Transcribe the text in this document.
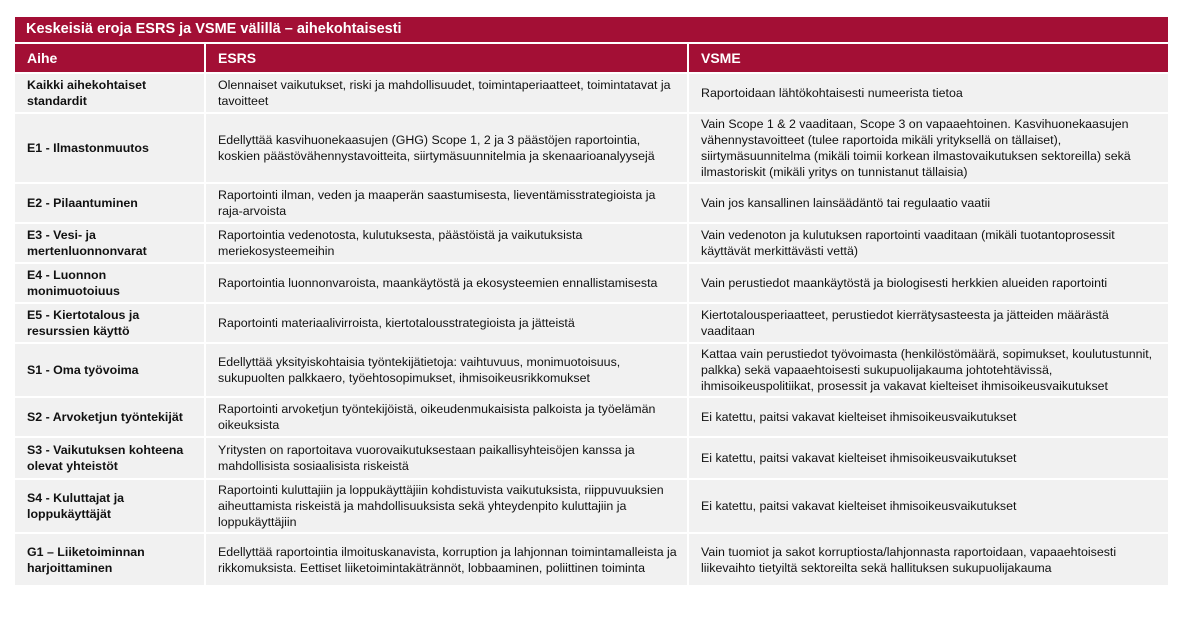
Keskeisiä eroja ESRS ja VSME välillä – aihekohtaisesti
Aihe	ESRS	VSME
Kaikki aihekohtaiset standardit	Olennaiset vaikutukset, riski ja mahdollisuudet, toimintaperiaatteet, toimintatavat ja tavoitteet	Raportoidaan lähtökohtaisesti numeerista tietoa
E1 - Ilmastonmuutos	Edellyttää kasvihuonekaasujen (GHG) Scope 1, 2 ja 3 päästöjen raportointia, koskien päästövähennystavoitteita, siirtymäsuunnitelmia ja skenaarioanalyysejä	Vain Scope 1 & 2 vaaditaan, Scope 3 on vapaaehtoinen. Kasvihuonekaasujen vähennystavoitteet (tulee raportoida mikäli yrityksellä on tällaiset), siirtymäsuunnitelma (mikäli toimii korkean ilmastovaikutuksen sektoreilla) sekä ilmastoriskit (mikäli yritys on tunnistanut tällaisia)
E2 - Pilaantuminen	Raportointi ilman, veden ja maaperän saastumisesta, lieventämisstrategioista ja raja-arvoista	Vain jos kansallinen lainsäädäntö tai regulaatio vaatii
E3 - Vesi- ja mertenluonnonvarat	Raportointia vedenotosta, kulutuksesta, päästöistä ja vaikutuksista meriekosysteemeihin	Vain vedenoton ja kulutuksen raportointi vaaditaan (mikäli tuotantoprosessit käyttävät merkittävästi vettä)
E4 - Luonnon monimuotoiuus	Raportointia luonnonvaroista, maankäytöstä ja ekosysteemien ennallistamisesta	Vain perustiedot maankäytöstä ja biologisesti herkkien alueiden raportointi
E5 - Kiertotalous ja resurssien käyttö	Raportointi materiaalivirroista, kiertotalousstrategioista ja jätteistä	Kiertotalousperiaatteet, perustiedot kierrätysasteesta ja jätteiden määrästä vaaditaan
S1 - Oma työvoima	Edellyttää yksityiskohtaisia työntekijätietoja: vaihtuvuus, monimuotoisuus, sukupuolten palkkaero, työehtosopimukset, ihmisoikeusrikkomukset	Kattaa vain perustiedot työvoimasta (henkilöstömäärä, sopimukset, koulutustunnit, palkka) sekä vapaaehtoisesti sukupuolijakauma johtotehtävissä, ihmisoikeuspolitiikat, prosessit ja vakavat kielteiset ihmisoikeusvaikutukset
S2 - Arvoketjun työntekijät	Raportointi arvoketjun työntekijöistä, oikeudenmukaisista palkoista ja työelämän oikeuksista	Ei katettu, paitsi vakavat kielteiset ihmisoikeusvaikutukset
S3 - Vaikutuksen kohteena olevat yhteistöt	Yritysten on raportoitava vuorovaikutuksestaan paikallisyhteisöjen kanssa ja mahdollisista sosiaalisista riskeistä	Ei katettu, paitsi vakavat kielteiset ihmisoikeusvaikutukset
S4 - Kuluttajat ja loppukäyttäjät	Raportointi kuluttajiin ja loppukäyttäjiin kohdistuvista vaikutuksista, riippuvuuksien aiheuttamista riskeistä ja mahdollisuuksista sekä yhteydenpito kuluttajiin ja loppukäyttäjiin	Ei katettu, paitsi vakavat kielteiset ihmisoikeusvaikutukset
G1 – Liiketoiminnan harjoittaminen	Edellyttää raportointia ilmoituskanavista, korruption ja lahjonnan toimintamalleista ja rikkomuksista. Eettiset liiketoimintakätrännöt, lobbaaminen, poliittinen toiminta	Vain tuomiot ja sakot korruptiosta/lahjonnasta raportoidaan, vapaaehtoisesti liikevaihto tietyiltä sektoreilta sekä hallituksen sukupuolijakauma
